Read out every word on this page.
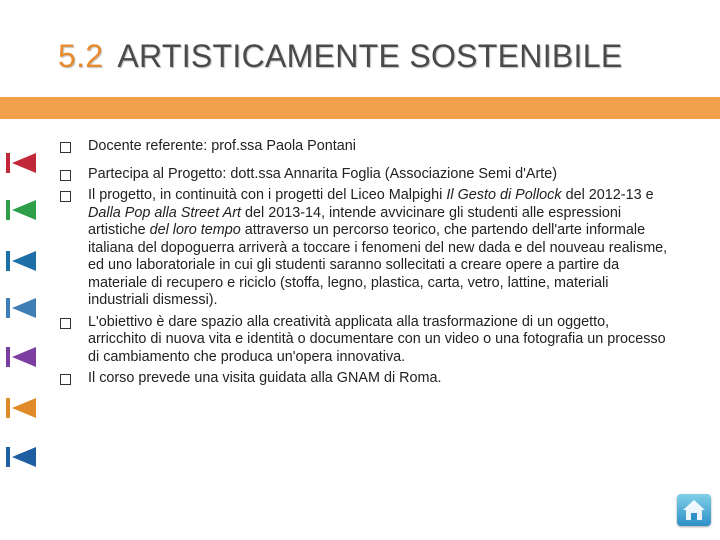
5.2 ARTISTICAMENTE SOSTENIBILE

Docente referente: prof.ssa Paola Pontani

Partecipa al Progetto: dott.ssa Annarita Foglia (Associazione Semi d'Arte)

Il progetto, in continuità con i progetti del Liceo Malpighi Il Gesto di Pollock del 2012-13 e Dalla Pop alla Street Art del 2013-14, intende avvicinare gli studenti alle espressioni artistiche del loro tempo attraverso un percorso teorico, che partendo dell'arte informale italiana del dopoguerra arriverà a toccare i fenomeni del new dada e del nouveau realisme, ed uno laboratoriale in cui gli studenti saranno sollecitati a creare opere a partire da materiale di recupero e riciclo (stoffa, legno, plastica, carta, vetro, lattine, materiali industriali dismessi).

L'obiettivo è dare spazio alla creatività applicata alla trasformazione di un oggetto, arricchito di nuova vita e identità o documentare con un video o una fotografia un processo di cambiamento che produca un'opera innovativa.

Il corso prevede una visita guidata alla GNAM di Roma.
